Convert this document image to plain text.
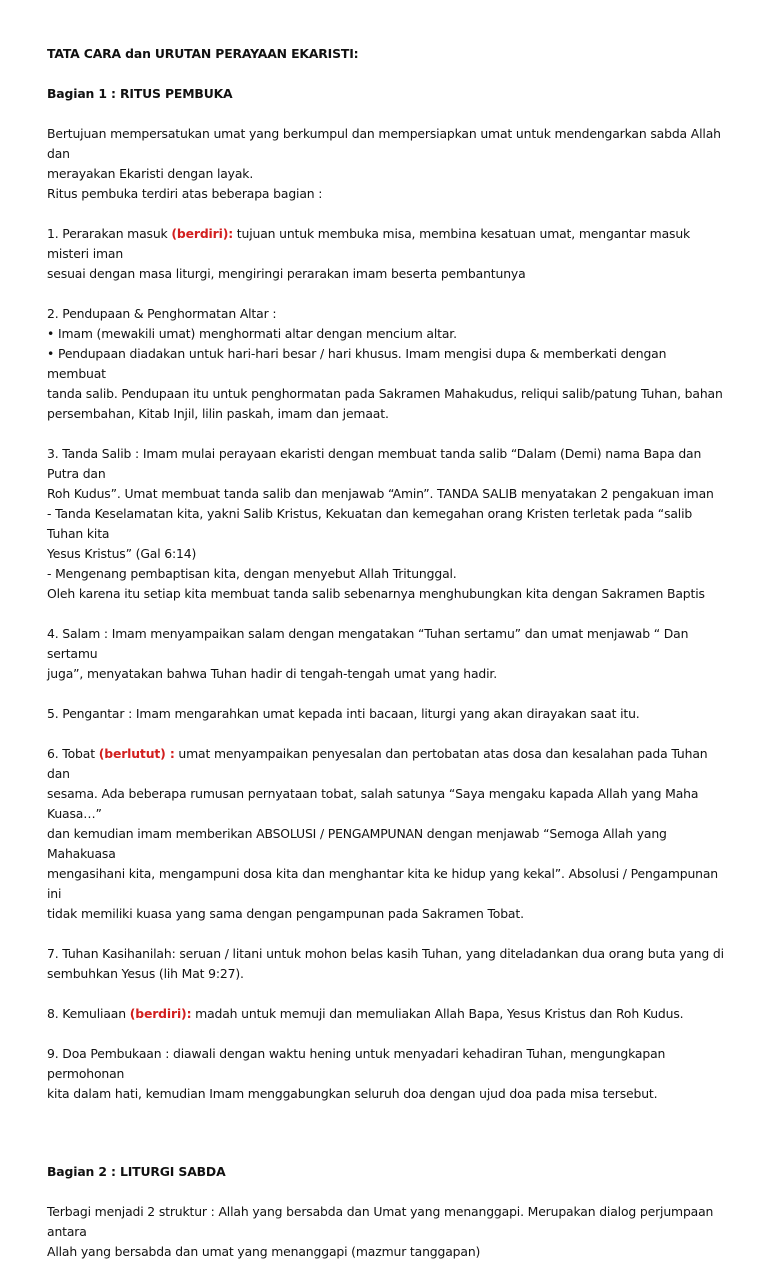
TATA CARA dan URUTAN PERAYAAN EKARISTI:

Bagian 1 : RITUS PEMBUKA

Bertujuan mempersatukan umat yang berkumpul dan mempersiapkan umat untuk mendengarkan sabda Allah dan

merayakan Ekaristi dengan layak.

Ritus pembuka terdiri atas beberapa bagian :

1. Perarakan masuk (berdiri): tujuan untuk membuka misa, membina kesatuan umat, mengantar masuk misteri iman

sesuai dengan masa liturgi, mengiringi perarakan imam beserta pembantunya

2. Pendupaan & Penghormatan Altar :

• Imam (mewakili umat) menghormati altar dengan mencium altar.

• Pendupaan diadakan untuk hari-hari besar / hari khusus. Imam mengisi dupa & memberkati dengan membuat

tanda salib. Pendupaan itu untuk penghormatan pada Sakramen Mahakudus, reliqui salib/patung Tuhan, bahan

persembahan, Kitab Injil, lilin paskah, imam dan jemaat.

3. Tanda Salib : Imam mulai perayaan ekaristi dengan membuat tanda salib “Dalam (Demi) nama Bapa dan Putra dan

Roh Kudus”. Umat membuat tanda salib dan menjawab “Amin”. TANDA SALIB menyatakan 2 pengakuan iman

- Tanda Keselamatan kita, yakni Salib Kristus, Kekuatan dan kemegahan orang Kristen terletak pada “salib Tuhan kita

Yesus Kristus” (Gal 6:14)

- Mengenang pembaptisan kita, dengan menyebut Allah Tritunggal.

Oleh karena itu setiap kita membuat tanda salib sebenarnya menghubungkan kita dengan Sakramen Baptis

4. Salam : Imam menyampaikan salam dengan mengatakan “Tuhan sertamu” dan umat menjawab “ Dan sertamu

juga”, menyatakan bahwa Tuhan hadir di tengah-tengah umat yang hadir.

5. Pengantar : Imam mengarahkan umat kepada inti bacaan, liturgi yang akan dirayakan saat itu.

6. Tobat (berlutut) : umat menyampaikan penyesalan dan pertobatan atas dosa dan kesalahan pada Tuhan dan

sesama. Ada beberapa rumusan pernyataan tobat, salah satunya “Saya mengaku kapada Allah yang Maha Kuasa…”

dan kemudian imam memberikan ABSOLUSI / PENGAMPUNAN dengan menjawab “Semoga Allah yang Mahakuasa

mengasihani kita, mengampuni dosa kita dan menghantar kita ke hidup yang kekal”. Absolusi / Pengampunan ini

tidak memiliki kuasa yang sama dengan pengampunan pada Sakramen Tobat.

7. Tuhan Kasihanilah: seruan / litani untuk mohon belas kasih Tuhan, yang diteladankan dua orang buta yang di

sembuhkan Yesus (lih Mat 9:27).

8. Kemuliaan (berdiri): madah untuk memuji dan memuliakan Allah Bapa, Yesus Kristus dan Roh Kudus.

9. Doa Pembukaan : diawali dengan waktu hening untuk menyadari kehadiran Tuhan, mengungkapan permohonan

kita dalam hati, kemudian Imam menggabungkan seluruh doa dengan ujud doa pada misa tersebut.

Bagian 2 : LITURGI SABDA

Terbagi menjadi 2 struktur : Allah yang bersabda dan Umat yang menanggapi. Merupakan dialog perjumpaan antara

Allah yang bersabda dan umat yang menanggapi (mazmur tanggapan)
